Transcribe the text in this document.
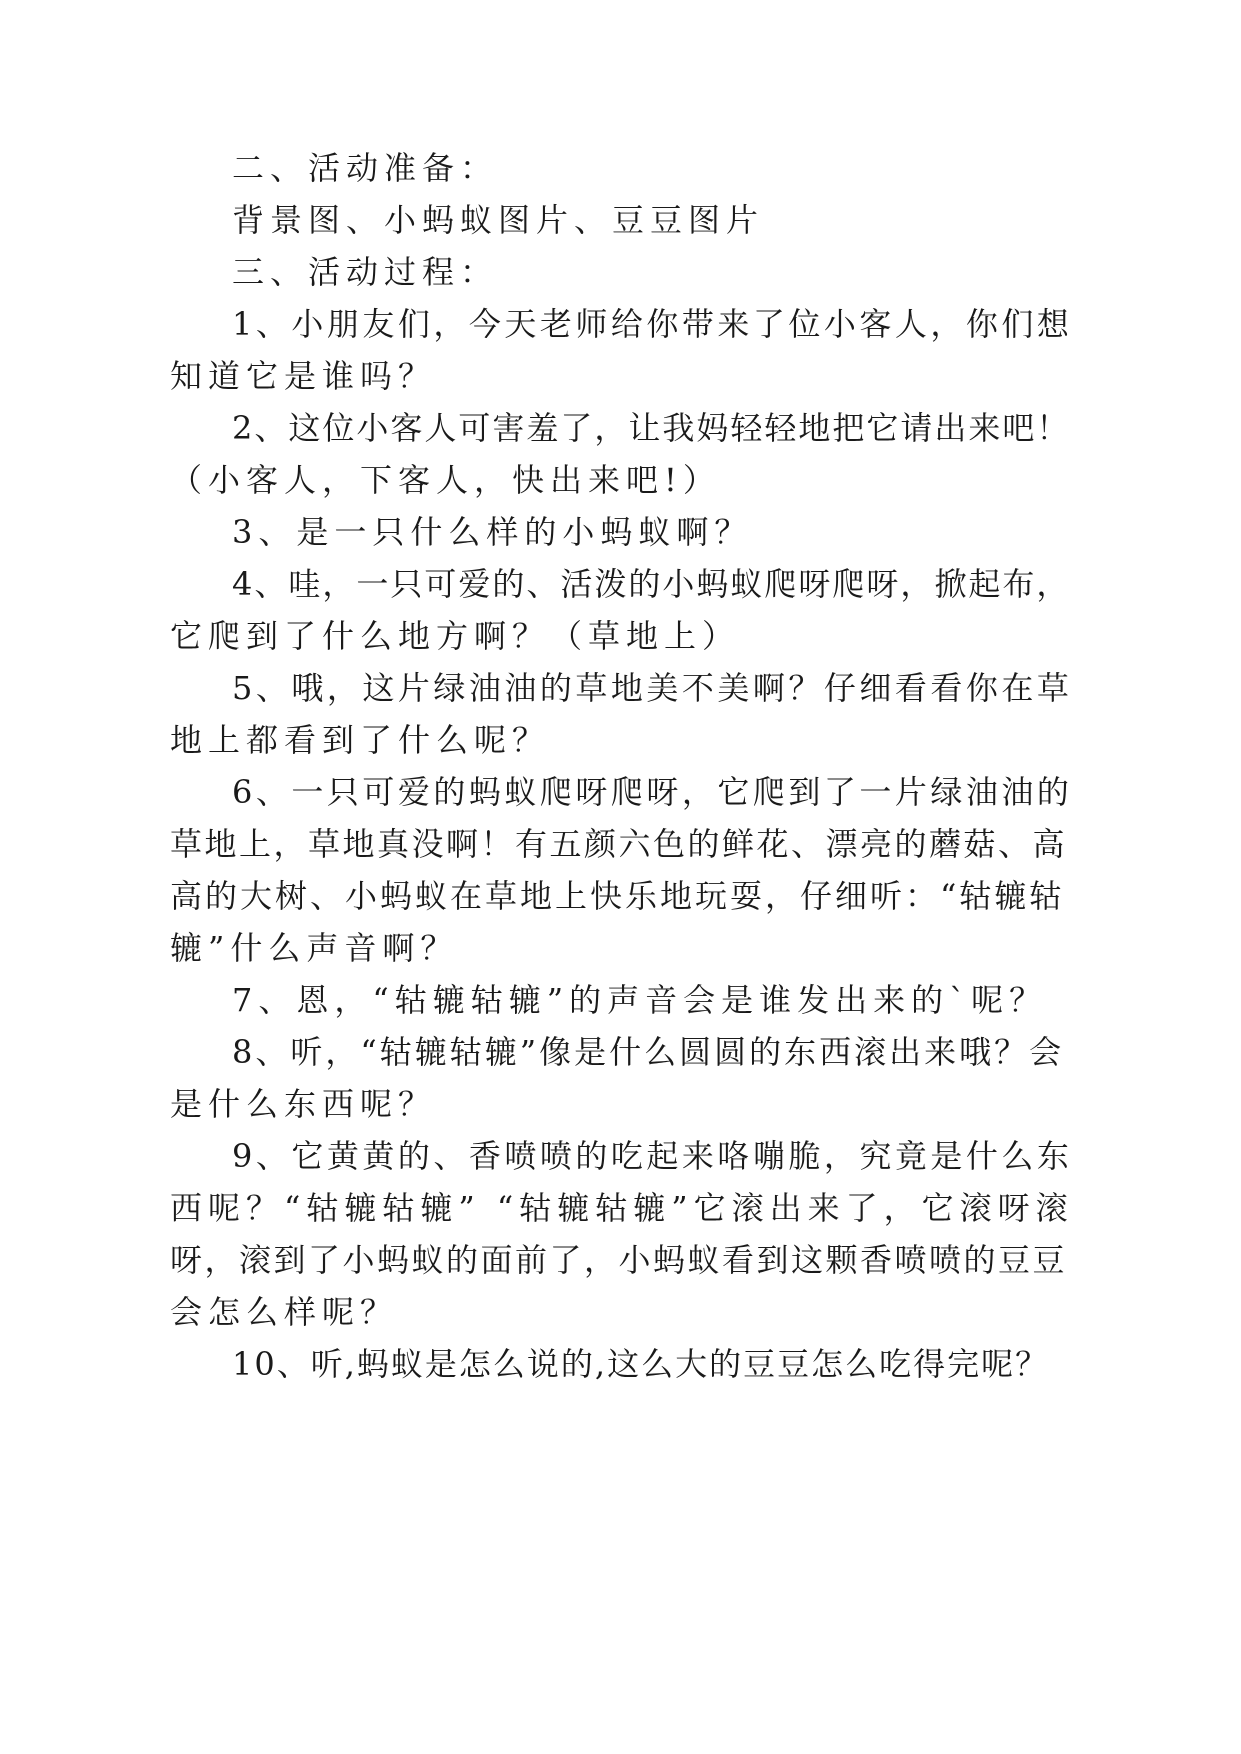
二、活动准备：
背景图、小蚂蚁图片、豆豆图片
三、活动过程：
1、小朋友们，今天老师给你带来了位小客人，你们想
知道它是谁吗？
2、这位小客人可害羞了，让我妈轻轻地把它请出来吧！
（小客人，下客人，快出来吧!）
3、是一只什么样的小蚂蚁啊？
4、哇，一只可爱的、活泼的小蚂蚁爬呀爬呀，掀起布，
它爬到了什么地方啊？（草地上）
5、哦，这片绿油油的草地美不美啊？仔细看看你在草
地上都看到了什么呢？
6、一只可爱的蚂蚁爬呀爬呀，它爬到了一片绿油油的
草地上，草地真没啊！有五颜六色的鲜花、漂亮的蘑菇、高
高的大树、小蚂蚁在草地上快乐地玩耍，仔细听：“轱辘轱
辘”什么声音啊？
7、恩，“轱辘轱辘”的声音会是谁发出来的`呢？
8、听，“轱辘轱辘”像是什么圆圆的东西滚出来哦？会
是什么东西呢？
9、它黄黄的、香喷喷的吃起来咯嘣脆，究竟是什么东
西呢？“轱辘轱辘” “轱辘轱辘”它滚出来了，它滚呀滚
呀，滚到了小蚂蚁的面前了，小蚂蚁看到这颗香喷喷的豆豆
会怎么样呢？
10、听,蚂蚁是怎么说的,这么大的豆豆怎么吃得完呢？
